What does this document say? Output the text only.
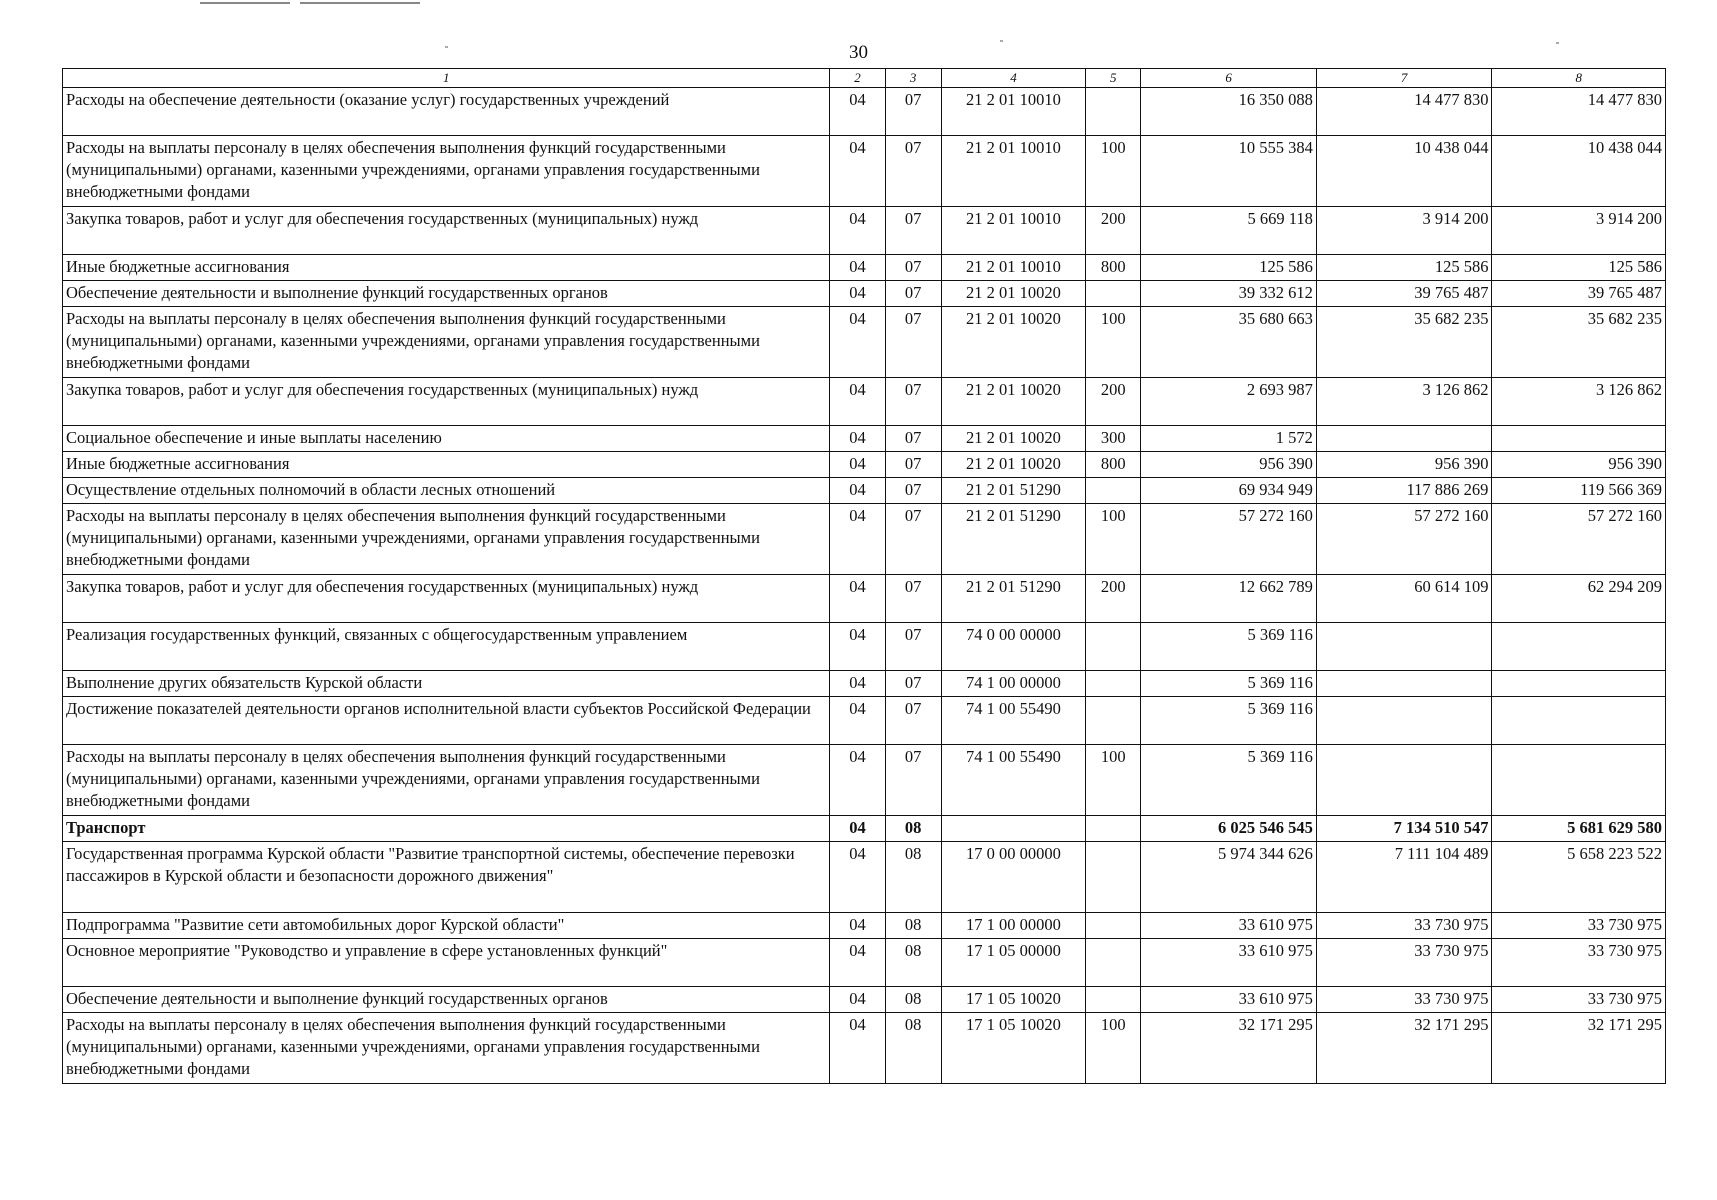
30
1	2	3	4	5	6	7	8
Расходы на обеспечение деятельности (оказание услуг) государственных учреждений	04	07	21 2 01 10010		16 350 088	14 477 830	14 477 830
Расходы на выплаты персоналу в целях обеспечения выполнения функций государственными (муниципальными) органами, казенными учреждениями, органами управления государственными внебюджетными фондами	04	07	21 2 01 10010	100	10 555 384	10 438 044	10 438 044
Закупка товаров, работ и услуг для обеспечения государственных (муниципальных) нужд	04	07	21 2 01 10010	200	5 669 118	3 914 200	3 914 200
Иные бюджетные ассигнования	04	07	21 2 01 10010	800	125 586	125 586	125 586
Обеспечение деятельности и выполнение функций государственных органов	04	07	21 2 01 10020		39 332 612	39 765 487	39 765 487
Расходы на выплаты персоналу в целях обеспечения выполнения функций государственными (муниципальными) органами, казенными учреждениями, органами управления государственными внебюджетными фондами	04	07	21 2 01 10020	100	35 680 663	35 682 235	35 682 235
Закупка товаров, работ и услуг для обеспечения государственных (муниципальных) нужд	04	07	21 2 01 10020	200	2 693 987	3 126 862	3 126 862
Социальное обеспечение и иные выплаты населению	04	07	21 2 01 10020	300	1 572		
Иные бюджетные ассигнования	04	07	21 2 01 10020	800	956 390	956 390	956 390
Осуществление отдельных полномочий в области лесных отношений	04	07	21 2 01 51290		69 934 949	117 886 269	119 566 369
Расходы на выплаты персоналу в целях обеспечения выполнения функций государственными (муниципальными) органами, казенными учреждениями, органами управления государственными внебюджетными фондами	04	07	21 2 01 51290	100	57 272 160	57 272 160	57 272 160
Закупка товаров, работ и услуг для обеспечения государственных (муниципальных) нужд	04	07	21 2 01 51290	200	12 662 789	60 614 109	62 294 209
Реализация государственных функций, связанных с общегосударственным управлением	04	07	74 0 00 00000		5 369 116		
Выполнение других обязательств Курской области	04	07	74 1 00 00000		5 369 116		
Достижение показателей деятельности органов исполнительной власти субъектов Российской Федерации	04	07	74 1 00 55490		5 369 116		
Расходы на выплаты персоналу в целях обеспечения выполнения функций государственными (муниципальными) органами, казенными учреждениями, органами управления государственными внебюджетными фондами	04	07	74 1 00 55490	100	5 369 116		
Транспорт	04	08			6 025 546 545	7 134 510 547	5 681 629 580
Государственная программа Курской области "Развитие транспортной системы, обеспечение перевозки пассажиров в Курской области и безопасности дорожного движения"	04	08	17 0 00 00000		5 974 344 626	7 111 104 489	5 658 223 522
Подпрограмма "Развитие сети автомобильных дорог Курской области"	04	08	17 1 00 00000		33 610 975	33 730 975	33 730 975
Основное мероприятие "Руководство и управление в сфере установленных функций"	04	08	17 1 05 00000		33 610 975	33 730 975	33 730 975
Обеспечение деятельности и выполнение функций государственных органов	04	08	17 1 05 10020		33 610 975	33 730 975	33 730 975
Расходы на выплаты персоналу в целях обеспечения выполнения функций государственными (муниципальными) органами, казенными учреждениями, органами управления государственными внебюджетными фондами	04	08	17 1 05 10020	100	32 171 295	32 171 295	32 171 295
